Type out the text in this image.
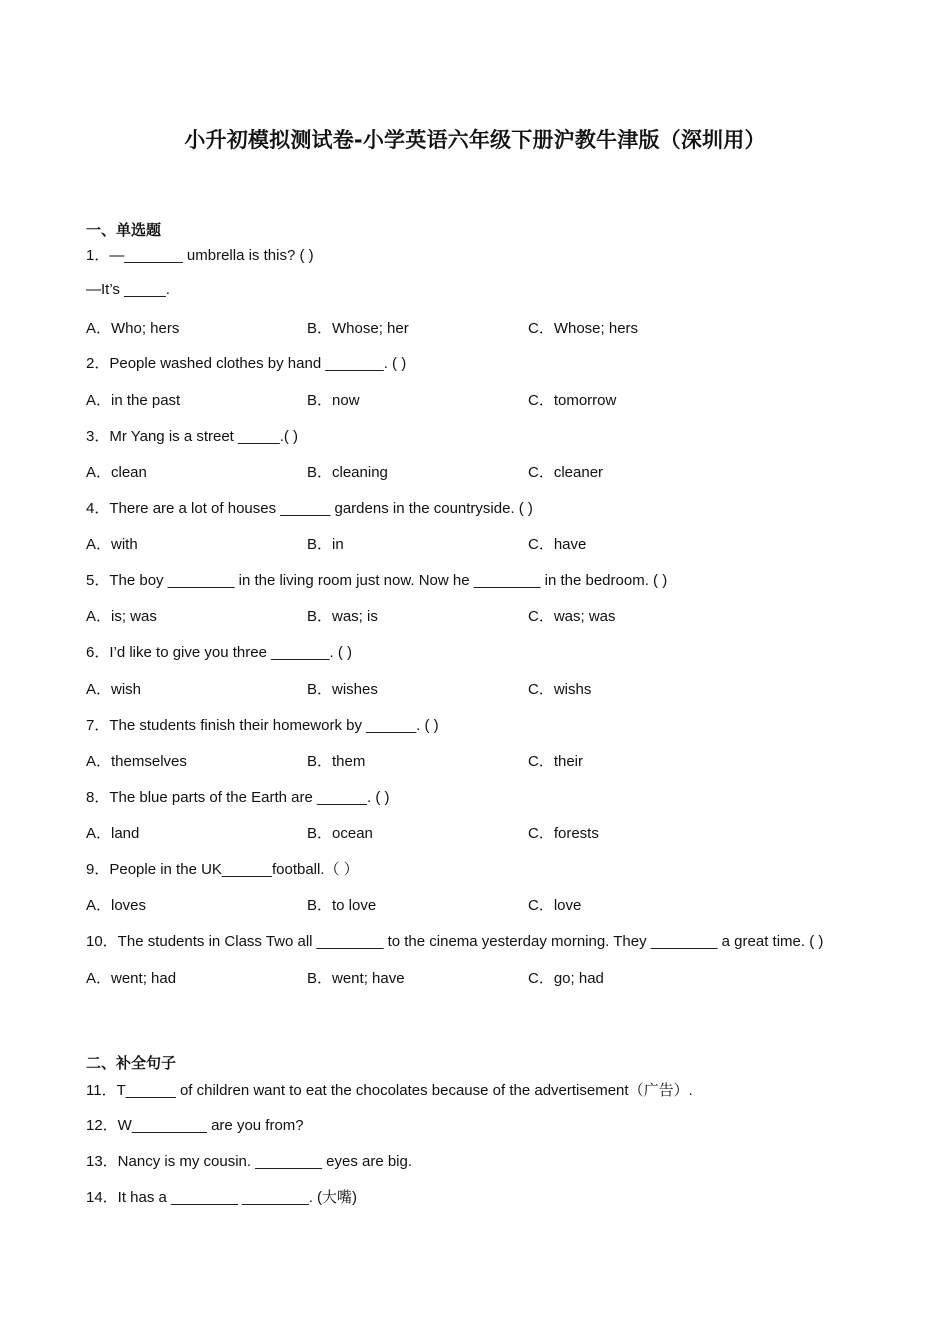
小升初模拟测试卷-小学英语六年级下册沪教牛津版（深圳用）
一、单选题
1．—_______ umbrella is this? ( )
—It’s _____.
A．Who; hers	B．Whose; her	C．Whose; hers
2．People washed clothes by hand _______. ( )
A．in the past	B．now	C．tomorrow
3．Mr Yang is a street _____.( )
A．clean	B．cleaning	C．cleaner
4．There are a lot of houses ______ gardens in the countryside. ( )
A．with	B．in	C．have
5．The boy ________ in the living room just now. Now he ________ in the bedroom. ( )
A．is; was	B．was; is	C．was; was
6．I’d like to give you three _______. ( )
A．wish	B．wishes	C．wishs
7．The students finish their homework by ______. ( )
A．themselves	B．them	C．their
8．The blue parts of the Earth are ______. ( )
A．land	B．ocean	C．forests
9．People in the UK______football.（ ）
A．loves	B．to love	C．love
10．The students in Class Two all ________ to the cinema yesterday morning. They ________ a great time. ( )
A．went; had	B．went; have	C．go; had
二、补全句子
11．T______ of children want to eat the chocolates because of the advertisement（广告）.
12．W_________ are you from?
13．Nancy is my cousin. ________ eyes are big.
14．It has a ________ ________. (大嘴)
